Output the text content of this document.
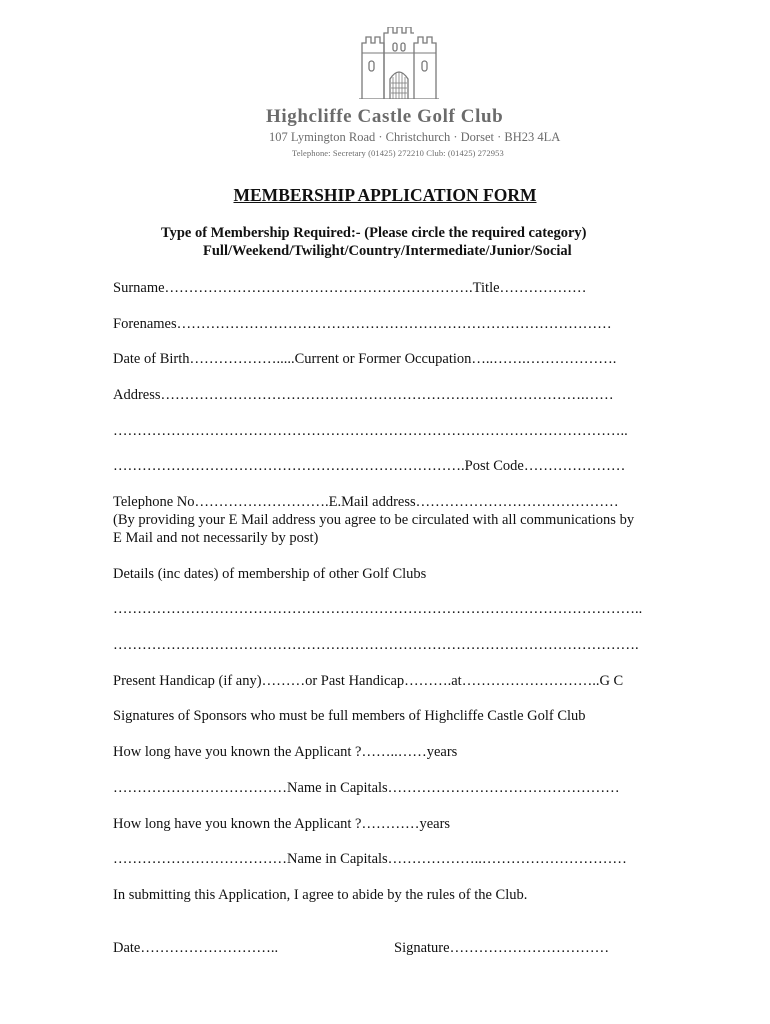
Highcliffe Castle Golf Club
107 Lymington Road · Christchurch · Dorset · BH23 4LA
Telephone: Secretary (01425) 272210 Club: (01425) 272953
MEMBERSHIP APPLICATION FORM
Type of Membership Required:- (Please circle the required category)
Full/Weekend/Twilight/Country/Intermediate/Junior/Social
Surname……………………………………………………….Title………………
Forenames………………………………………………………………………………
Date of Birth……………….....Current or Former Occupation…..…….……………….
Address…………………………………………………………………………….……
……………………………………………………………………………………………..
……………………………………………………………….Post Code…………………
Telephone No……………………….E.Mail address……………………………………
(By providing your E Mail address you agree to be circulated with all communications by
E Mail and not necessarily by post)
Details (inc dates) of membership of other Golf Clubs
………………………………………………………………………………………………..
……………………………………………………………………………………………….
Present Handicap (if any)………or Past Handicap……….at………………………..G C
Signatures of Sponsors who must be full members of Highcliffe Castle Golf Club
How long have you known the Applicant ?……..……years
………………………………Name in Capitals…………………………………………
How long have you known the Applicant ?…………years
………………………………Name in Capitals………………..…………………………
In submitting this Application, I agree to abide by the rules of the Club.
Date………………………..	Signature……………………………
